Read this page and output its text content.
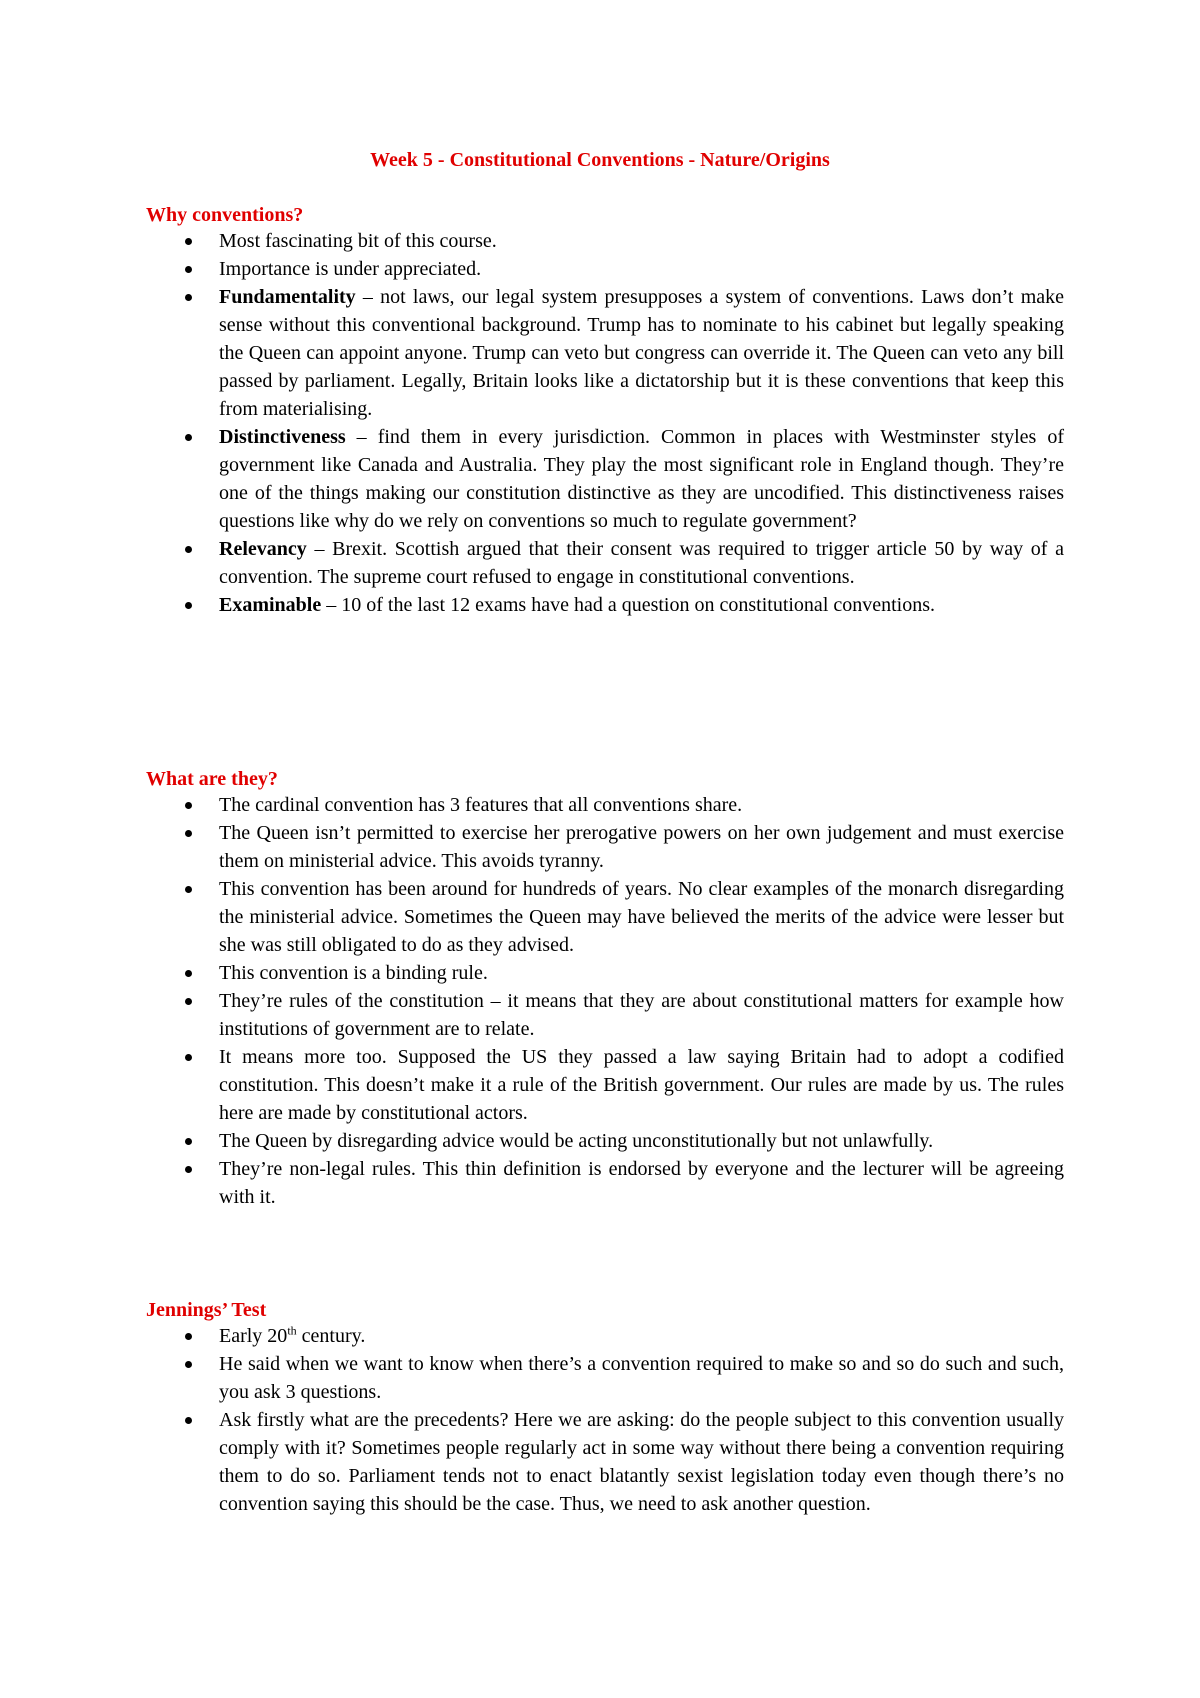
Week 5 - Constitutional Conventions - Nature/Origins
Why conventions?
Most fascinating bit of this course.
Importance is under appreciated.
Fundamentality – not laws, our legal system presupposes a system of conventions. Laws don’t make sense without this conventional background. Trump has to nominate to his cabinet but legally speaking the Queen can appoint anyone. Trump can veto but congress can override it. The Queen can veto any bill passed by parliament. Legally, Britain looks like a dictatorship but it is these conventions that keep this from materialising.
Distinctiveness – find them in every jurisdiction. Common in places with Westminster styles of government like Canada and Australia. They play the most significant role in England though. They’re one of the things making our constitution distinctive as they are uncodified. This distinctiveness raises questions like why do we rely on conventions so much to regulate government?
Relevancy – Brexit. Scottish argued that their consent was required to trigger article 50 by way of a convention. The supreme court refused to engage in constitutional conventions.
Examinable – 10 of the last 12 exams have had a question on constitutional conventions.
What are they?
The cardinal convention has 3 features that all conventions share.
The Queen isn’t permitted to exercise her prerogative powers on her own judgement and must exercise them on ministerial advice. This avoids tyranny.
This convention has been around for hundreds of years. No clear examples of the monarch disregarding the ministerial advice. Sometimes the Queen may have believed the merits of the advice were lesser but she was still obligated to do as they advised.
This convention is a binding rule.
They’re rules of the constitution – it means that they are about constitutional matters for example how institutions of government are to relate.
It means more too. Supposed the US they passed a law saying Britain had to adopt a codified constitution. This doesn’t make it a rule of the British government. Our rules are made by us. The rules here are made by constitutional actors.
The Queen by disregarding advice would be acting unconstitutionally but not unlawfully.
They’re non-legal rules. This thin definition is endorsed by everyone and the lecturer will be agreeing with it.
Jennings’ Test
Early 20th century.
He said when we want to know when there’s a convention required to make so and so do such and such, you ask 3 questions.
Ask firstly what are the precedents? Here we are asking: do the people subject to this convention usually comply with it? Sometimes people regularly act in some way without there being a convention requiring them to do so. Parliament tends not to enact blatantly sexist legislation today even though there’s no convention saying this should be the case. Thus, we need to ask another question.
